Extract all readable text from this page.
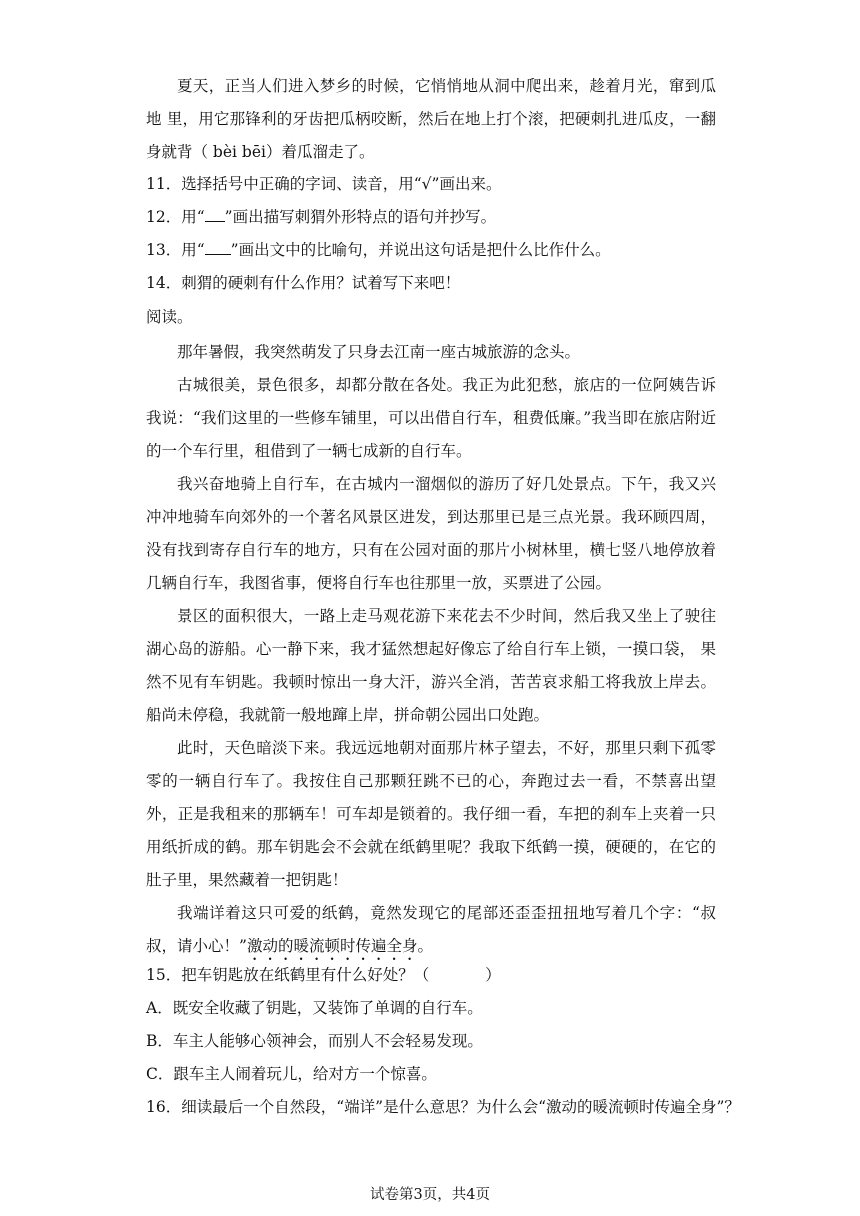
夏天，正当人们进入梦乡的时候，它悄悄地从洞中爬出来，趁着月光，窜到瓜地 里，用它那锋利的牙齿把瓜柄咬断，然后在地上打个滚，把硬刺扎进瓜皮，一翻身就背（ bèi bēi）着瓜溜走了。

11．选择括号中正确的字词、读音，用“√”画出来。

12．用“ ”画出描写刺猬外形特点的语句并抄写。

13．用“ ”画出文中的比喻句，并说出这句话是把什么比作什么。

14．刺猬的硬刺有什么作用？试着写下来吧！

阅读。

那年暑假，我突然萌发了只身去江南一座古城旅游的念头。

古城很美，景色很多，却都分散在各处。我正为此犯愁，旅店的一位阿姨告诉我说：“我们这里的一些修车铺里，可以出借自行车，租费低廉。”我当即在旅店附近的一个车行里，租借到了一辆七成新的自行车。

我兴奋地骑上自行车，在古城内一溜烟似的游历了好几处景点。下午，我又兴冲冲地骑车向郊外的一个著名风景区进发，到达那里已是三点光景。我环顾四周，没有找到寄存自行车的地方，只有在公园对面的那片小树林里，横七竖八地停放着几辆自行车，我图省事，便将自行车也往那里一放，买票进了公园。

景区的面积很大，一路上走马观花游下来花去不少时间，然后我又坐上了驶往湖心岛的游船。心一静下来，我才猛然想起好像忘了给自行车上锁，一摸口袋， 果然不见有车钥匙。我顿时惊出一身大汗，游兴全消，苦苦哀求船工将我放上岸去。船尚未停稳，我就箭一般地蹿上岸，拼命朝公园出口处跑。

此时，天色暗淡下来。我远远地朝对面那片林子望去，不好，那里只剩下孤零零的一辆自行车了。我按住自己那颗狂跳不已的心，奔跑过去一看，不禁喜出望外，正是我租来的那辆车！可车却是锁着的。我仔细一看，车把的刹车上夹着一只用纸折成的鹤。那车钥匙会不会就在纸鹤里呢？我取下纸鹤一摸，硬硬的，在它的肚子里，果然藏着一把钥匙！

我端详着这只可爱的纸鹤，竟然发现它的尾部还歪歪扭扭地写着几个字：“叔叔，请小心！”激动的暖流顿时传遍全身。

15．把车钥匙放在纸鹤里有什么好处？（	）

A．既安全收藏了钥匙，又装饰了单调的自行车。

B．车主人能够心领神会，而别人不会轻易发现。

C．跟车主人闹着玩儿，给对方一个惊喜。

16．细读最后一个自然段，“端详”是什么意思？为什么会“激动的暖流顿时传遍全身”？

试卷第3页，共4页
